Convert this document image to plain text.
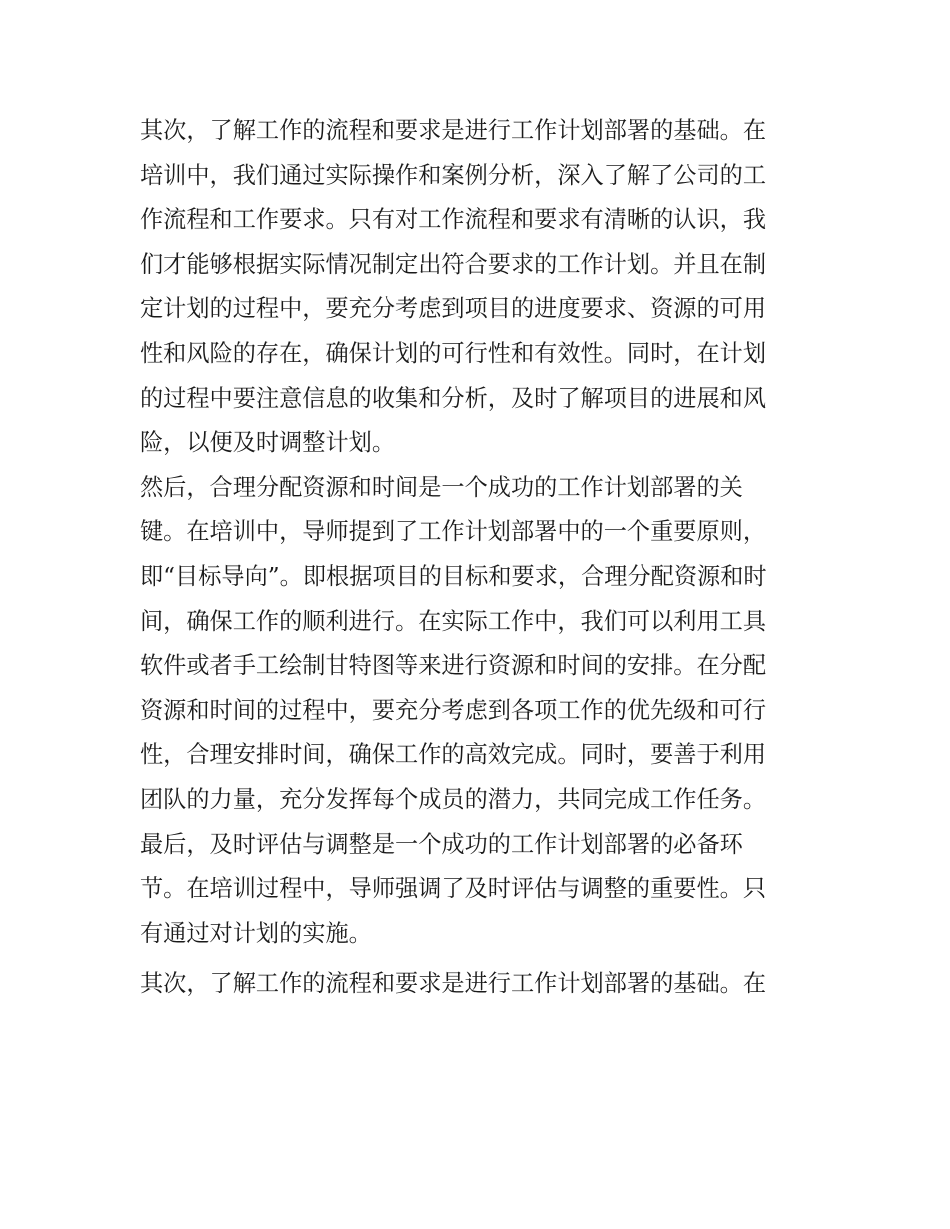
其次，了解工作的流程和要求是进行工作计划部署的基础。在
培训中，我们通过实际操作和案例分析，深入了解了公司的工
作流程和工作要求。只有对工作流程和要求有清晰的认识，我
们才能够根据实际情况制定出符合要求的工作计划。并且在制
定计划的过程中，要充分考虑到项目的进度要求、资源的可用
性和风险的存在，确保计划的可行性和有效性。同时，在计划
的过程中要注意信息的收集和分析，及时了解项目的进展和风
险，以便及时调整计划。
然后，合理分配资源和时间是一个成功的工作计划部署的关
键。在培训中，导师提到了工作计划部署中的一个重要原则，
即“目标导向”。即根据项目的目标和要求，合理分配资源和时
间，确保工作的顺利进行。在实际工作中，我们可以利用工具
软件或者手工绘制甘特图等来进行资源和时间的安排。在分配
资源和时间的过程中，要充分考虑到各项工作的优先级和可行
性，合理安排时间，确保工作的高效完成。同时，要善于利用
团队的力量，充分发挥每个成员的潜力，共同完成工作任务。
最后，及时评估与调整是一个成功的工作计划部署的必备环
节。在培训过程中，导师强调了及时评估与调整的重要性。只
有通过对计划的实施。
其次，了解工作的流程和要求是进行工作计划部署的基础。在
